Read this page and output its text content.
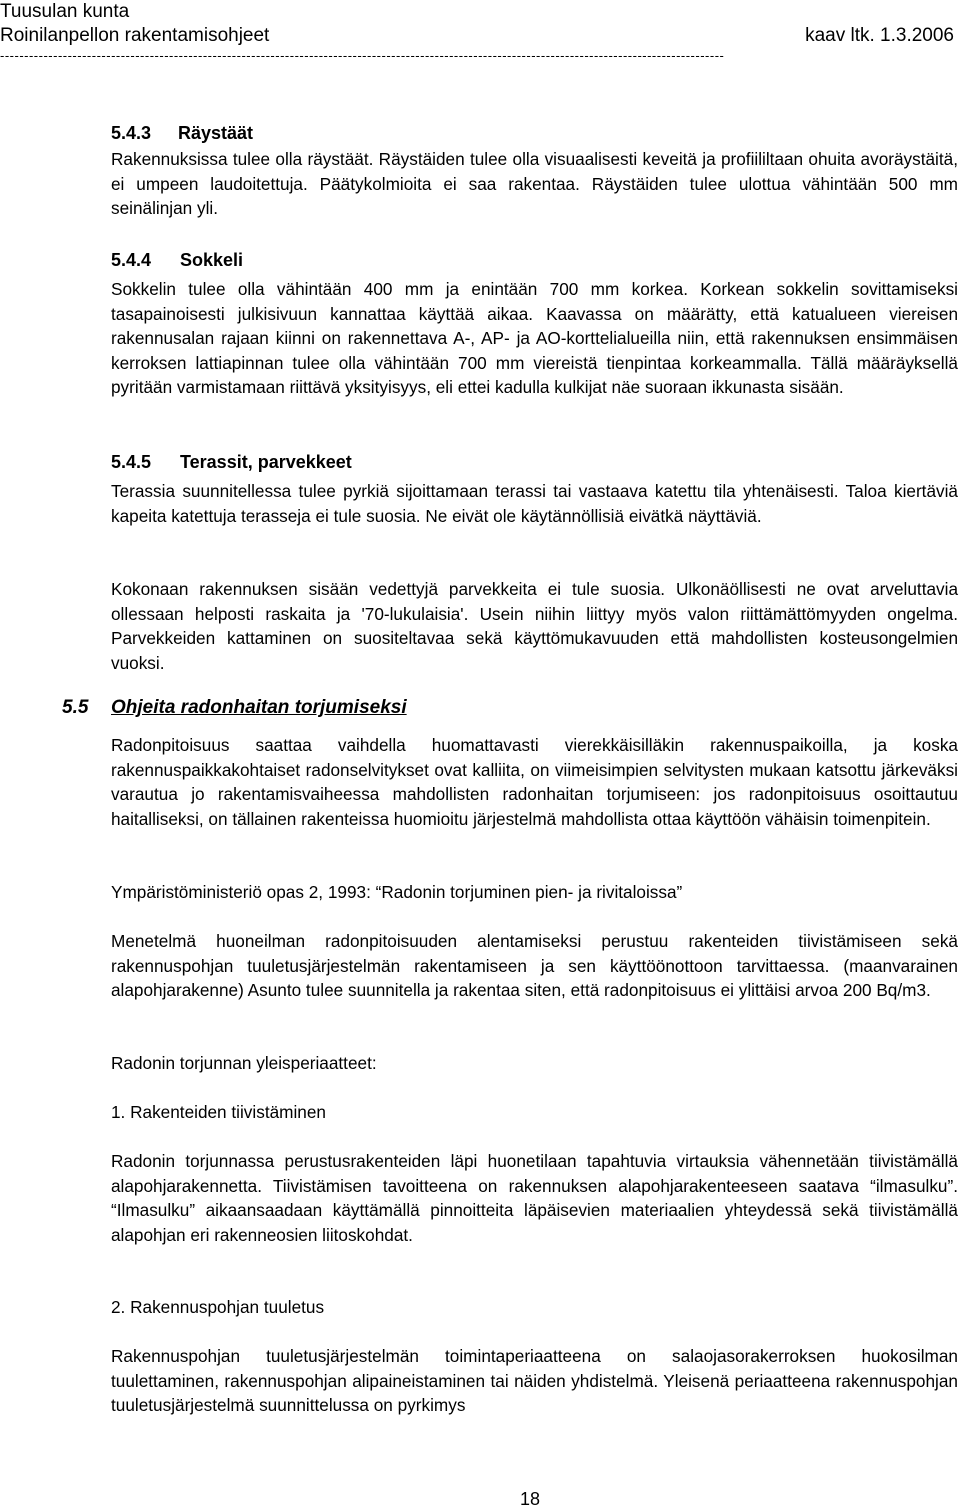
Tuusulan kunta
Roinilanpellon rakentamisohjeet	kaav ltk. 1.3.2006
------------------------------------------------------------------------------------------------------------------------------------------------------
5.4.3 Räystäät
Rakennuksissa tulee olla räystäät. Räystäiden tulee olla visuaalisesti keveitä ja profiililtaan ohuita avoräystäitä, ei umpeen laudoitettuja. Päätykolmioita ei saa rakentaa. Räystäiden tulee ulottua vähintään 500 mm seinälinjan yli.
5.4.4 Sokkeli
Sokkelin tulee olla vähintään 400 mm ja enintään 700 mm korkea. Korkean sokkelin sovittamiseksi tasapainoisesti julkisivuun kannattaa käyttää aikaa. Kaavassa on määrätty, että katualueen viereisen rakennusalan rajaan kiinni on rakennettava A-, AP- ja AO-korttelialueilla niin, että rakennuksen ensimmäisen kerroksen lattiapinnan tulee olla vähintään 700 mm viereistä tienpintaa korkeammalla. Tällä määräyksellä pyritään varmistamaan riittävä yksityisyys, eli ettei kadulla kulkijat näe suoraan ikkunasta sisään.
5.4.5 Terassit, parvekkeet
Terassia suunnitellessa tulee pyrkiä sijoittamaan terassi tai vastaava katettu tila yhtenäisesti. Taloa kiertäviä kapeita katettuja terasseja ei tule suosia. Ne eivät ole käytännöllisiä eivätkä näyttäviä.
Kokonaan rakennuksen sisään vedettyjä parvekkeita ei tule suosia. Ulkonäöllisesti ne ovat arveluttavia ollessaan helposti raskaita ja '70-lukulaisia'. Usein niihin liittyy myös valon riittämättömyyden ongelma. Parvekkeiden kattaminen on suositeltavaa sekä käyttömukavuuden että mahdollisten kosteusongelmien vuoksi.
5.5 Ohjeita radonhaitan torjumiseksi
Radonpitoisuus saattaa vaihdella huomattavasti vierekkäisilläkin rakennuspaikoilla, ja koska rakennuspaikkakohtaiset radonselvitykset ovat kalliita, on viimeisimpien selvitysten mukaan katsottu järkeväksi varautua jo rakentamisvaiheessa mahdollisten radonhaitan torjumiseen: jos radonpitoisuus osoittautuu haitalliseksi, on tällainen rakenteissa huomioitu järjestelmä mahdollista ottaa käyttöön vähäisin toimenpitein.
Ympäristöministeriö opas 2, 1993: “Radonin torjuminen pien- ja rivitaloissa”
Menetelmä huoneilman radonpitoisuuden alentamiseksi perustuu rakenteiden tiivistämiseen sekä rakennuspohjan tuuletusjärjestelmän rakentamiseen ja sen käyttöönottoon tarvittaessa. (maanvarainen alapohjarakenne) Asunto tulee suunnitella ja rakentaa siten, että radonpitoisuus ei ylittäisi arvoa 200 Bq/m3.
Radonin torjunnan yleisperiaatteet:
1. Rakenteiden tiivistäminen
Radonin torjunnassa perustusrakenteiden läpi huonetilaan tapahtuvia virtauksia vähennetään tiivistämällä alapohjarakennetta. Tiivistämisen tavoitteena on rakennuksen alapohjarakenteeseen saatava “ilmasulku”. “Ilmasulku” aikaansaadaan käyttämällä pinnoitteita läpäisevien materiaalien yhteydessä sekä tiivistämällä alapohjan eri rakenneosien liitoskohdat.
2. Rakennuspohjan tuuletus
Rakennuspohjan tuuletusjärjestelmän toimintaperiaatteena on salaojasorakerroksen huokosilman tuulettaminen, rakennuspohjan alipaineistaminen tai näiden yhdistelmä. Yleisenä periaatteena rakennuspohjan tuuletusjärjestelmä suunnittelussa on pyrkimys
18
